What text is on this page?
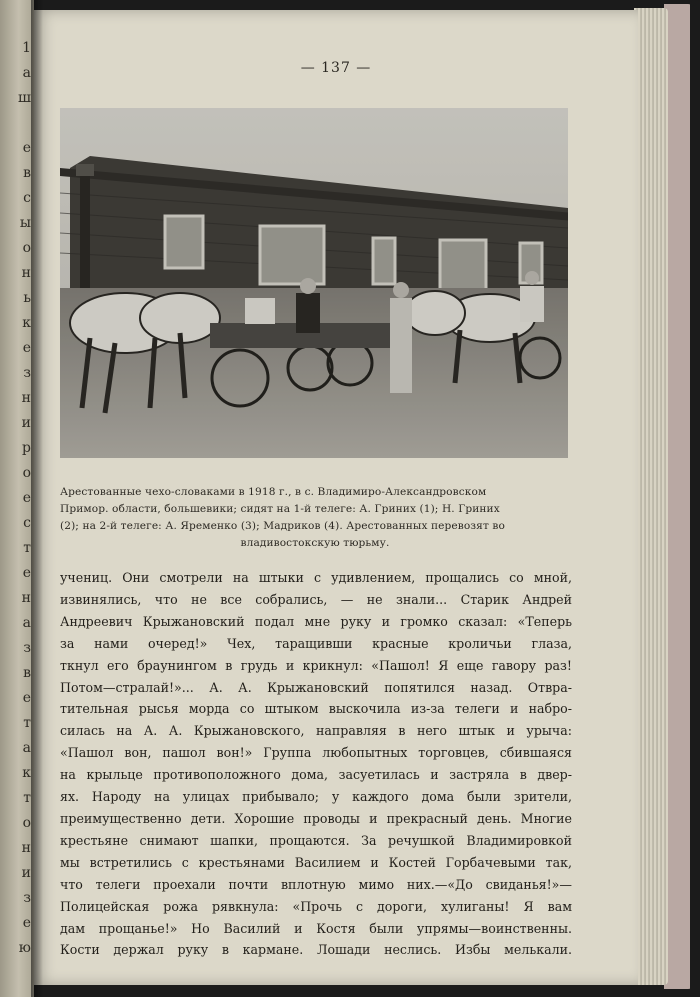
1
а
ш
е
в
с
ы
о
н
ь
к
е
з
н
и
р
о
е
с
т
е
н
а
з
в
е
т
а
к
т
о
н
и
з
е
ю
— 137 —
Арестованные чехо-словаками в 1918 г., в с. Владимиро-Александровском
Примор. области, большевики; сидят на 1-й телеге: А. Гриних (1); Н. Гриних
(2); на 2-й телеге: А. Яременко (3); Мадриков (4). Арестованных перевозят во
владивостокскую тюрьму.
учениц. Они смотрели на штыки с удивлением, прощались со мной,
извинялись, что не все собрались, — не знали... Старик Андрей
Андреевич Крыжановский подал мне руку и громко сказал: «Теперь
за нами очеред!» Чех, таращивши красные кроличьи глаза,
ткнул его браунингом в грудь и крикнул: «Пашол! Я еще гавору раз!
Потом—стралай!»... А. А. Крыжановский попятился назад. Отвра-
тительная рысья морда со штыком выскочила из-за телеги и набро-
силась на А. А. Крыжановского, направляя в него штык и урыча:
«Пашол вон, пашол вон!» Группа любопытных торговцев, сбившаяся
на крыльце противоположного дома, засуетилась и застряла в двер-
ях. Народу на улицах прибывало; у каждого дома были зрители,
преимущественно дети. Хорошие проводы и прекрасный день. Многие
крестьяне снимают шапки, прощаются. За речушкой Владимировкой
мы встретились с крестьянами Василием и Костей Горбачевыми так,
что телеги проехали почти вплотную мимо них.—«До свиданья!»—
Полицейская рожа рявкнула: «Прочь с дороги, хулиганы! Я вам
дам прощанье!» Но Василий и Костя были упрямы—воинственны.
Кости держал руку в кармане. Лошади неслись. Избы мелькали.
